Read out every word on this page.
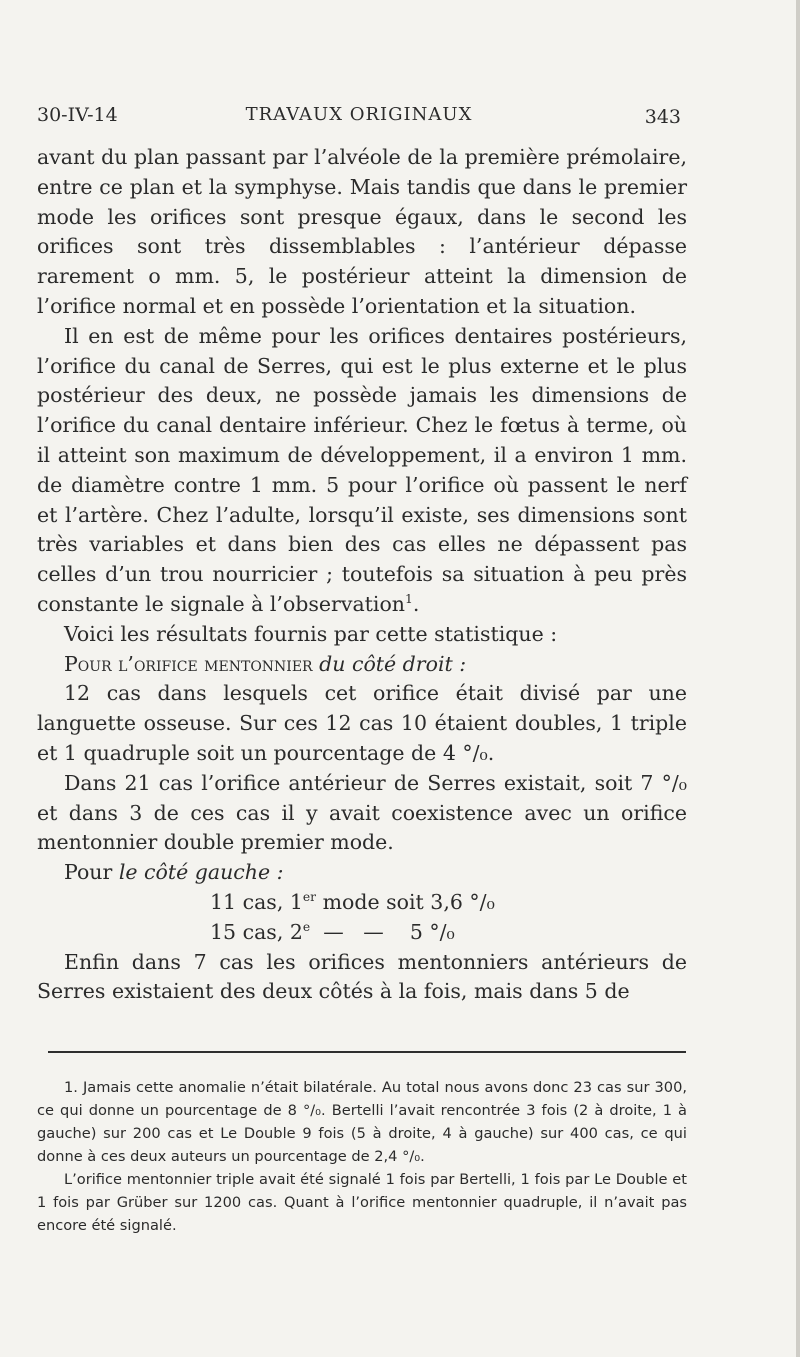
30-IV-14	TRAVAUX ORIGINAUX	343

avant du plan passant par l’alvéole de la première prémolaire, entre ce plan et la symphyse. Mais tandis que dans le premier mode les orifices sont presque égaux, dans le second les orifices sont très dissemblables : l’antérieur dépasse rarement o mm. 5, le postérieur atteint la dimension de l’orifice normal et en possède l’orientation et la situation.

Il en est de même pour les orifices dentaires postérieurs, l’orifice du canal de Serres, qui est le plus externe et le plus postérieur des deux, ne possède jamais les dimensions de l’orifice du canal dentaire inférieur. Chez le fœtus à terme, où il atteint son maximum de développement, il a environ 1 mm. de diamètre contre 1 mm. 5 pour l’orifice où passent le nerf et l’artère. Chez l’adulte, lorsqu’il existe, ses dimensions sont très variables et dans bien des cas elles ne dépassent pas celles d’un trou nourricier ; toutefois sa situation à peu près constante le signale à l’observation$^1$.

Voici les résultats fournis par cette statistique :

Pour l’orifice mentonnier du côté droit :

12 cas dans lesquels cet orifice était divisé par une languette osseuse. Sur ces 12 cas 10 étaient doubles, 1 triple et 1 quadruple soit un pourcentage de 4 °/₀.

Dans 21 cas l’orifice antérieur de Serres existait, soit 7 °/₀ et dans 3 de ces cas il y avait coexistence avec un orifice mentonnier double premier mode.

Pour le côté gauche :

11 cas, 1er mode soit 3,6 °/₀

15 cas, 2e  —   —    5 °/₀

Enfin dans 7 cas les orifices mentonniers antérieurs de Serres existaient des deux côtés à la fois, mais dans 5 de

1. Jamais cette anomalie n’était bilatérale. Au total nous avons donc 23 cas sur 300, ce qui donne un pourcentage de 8 °/₀. Bertelli l’avait rencontrée 3 fois (2 à droite, 1 à gauche) sur 200 cas et Le Double 9 fois (5 à droite, 4 à gauche) sur 400 cas, ce qui donne à ces deux auteurs un pourcentage de 2,4 °/₀.

L’orifice mentonnier triple avait été signalé 1 fois par Bertelli, 1 fois par Le Double et 1 fois par Grüber sur 1200 cas. Quant à l’orifice mentonnier quadruple, il n’avait pas encore été signalé.
